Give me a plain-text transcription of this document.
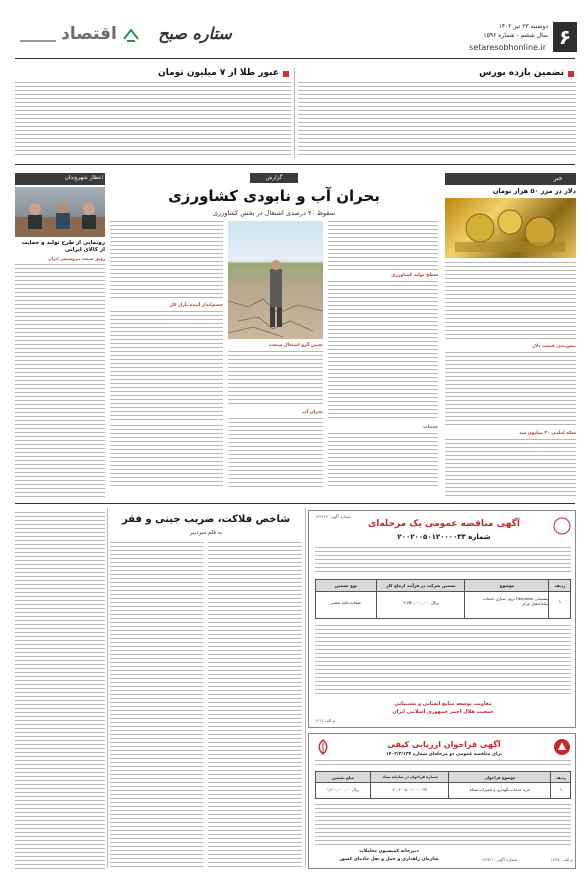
۶
دوشنبه ۲۳ تیر ۱۴۰۲
سال ششم - شماره ۱۵۹۶
setaresobhonline.ir
ستاره صبح
اقتصاد
تضمین بازده بورس
عبور طلا از ۷ میلیون تومان
خبر
دلار در مرز ۵۰ هزار تومان
پیش‌بینی قیمت دلار
سکه امامی ۲۰ میلیون شد
گزارش
بحران آب و نابودی کشاورزی
سقوط ۴۰ درصدی اشتغال در بخش کشاورزی
سطح تولید کشاورزی
چشم‌انداز آینده بازار کار
تعیین گرو اشتغال صنعت
بحران آب
خدمات
انتظار شهروندان
رونمایی از طرح تولید و حمایت از کالای ایرانی
رونق صنعت پتروشیمی ایران
شماره آگهی: ۱۴۴۲۶۶
آگهی مناقصه عمومی یک مرحله‌ای
شماره ۲۰۰۲۰۰۵۰۱۲۰۰۰۰۳۳
ردیف
موضوع
تضمین شرکت در فرآیند ارجاع کار
نوع تضمین
۱
برون سپاری خدمات Helpdesk پشتیبانی سامانه‌های مرکز
۲,۶۵۰,۰۰۰,۰۰۰ ریال
ضمانت‌نامه معتبر
معاونت توسعه منابع انسانی و پشتیبانی
جمعیت هلال احمر جمهوری اسلامی ایران
م الف ۱۲۱۲
آگهی فراخوان ارزیابی کیفی
برای مناقصه عمومی دو مرحله‌ای شماره ۱۴۰۲/۳/۱۳۴
ردیف
موضوع فراخوان
شماره فراخوان در سامانه ستاد
مبلغ تضمین
۱
خرید خدمات نگهداری و تعمیرات شبکه
۲۰۰۲۰۰۵۰۰۱۰۰۰۰۰۳۴
۱,۳۰۰,۰۰۰,۰۰۰ ریال
دبیرخانه کمیسیون معاملات
سازمان راهداری و حمل و نقل جاده‌ای کشور	شماره آگهی: ۱۴۴۳۱۱	م الف ۱۲۴۵۰
شاخص فلاکت، ضریب جینی و فقر
به قلم سردبیر
